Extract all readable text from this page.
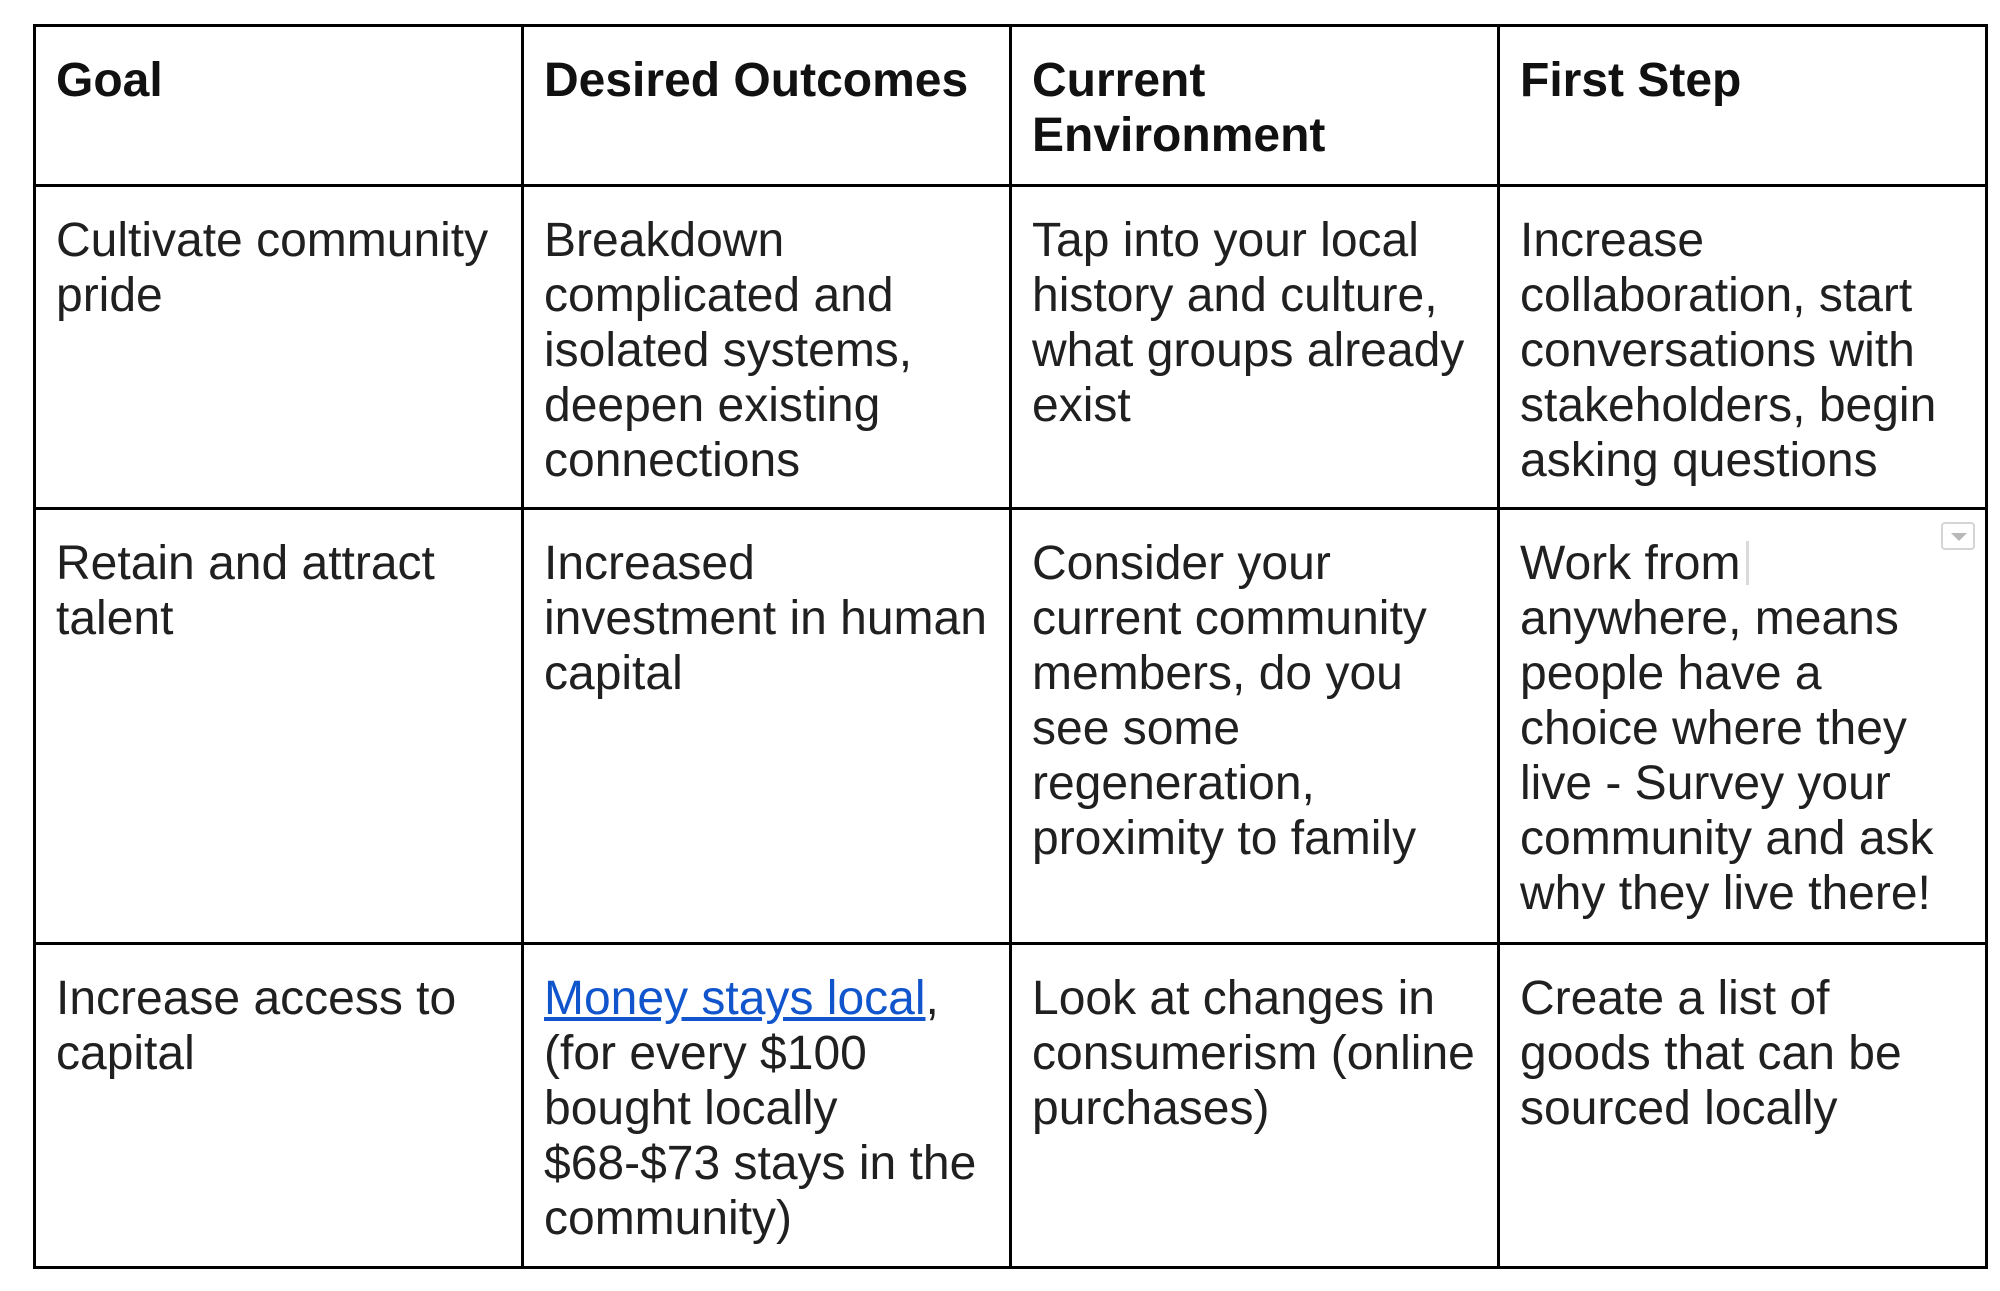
Goal	Desired Outcomes	Current Environment	First Step
Cultivate community pride	Breakdown complicated and isolated systems, deepen existing connections	Tap into your local history and culture, what groups already exist	Increase collaboration, start conversations with stakeholders, begin asking questions
Retain and attract talent	Increased investment in human capital	Consider your current community members, do you see some regeneration, proximity to family	Work from anywhere, means people have a choice where they live - Survey your community and ask why they live there!

Increase access to capital	Money stays local, (for every $100 bought locally $68-$73 stays in the community)	Look at changes in consumerism (online purchases)	Create a list of goods that can be sourced locally
